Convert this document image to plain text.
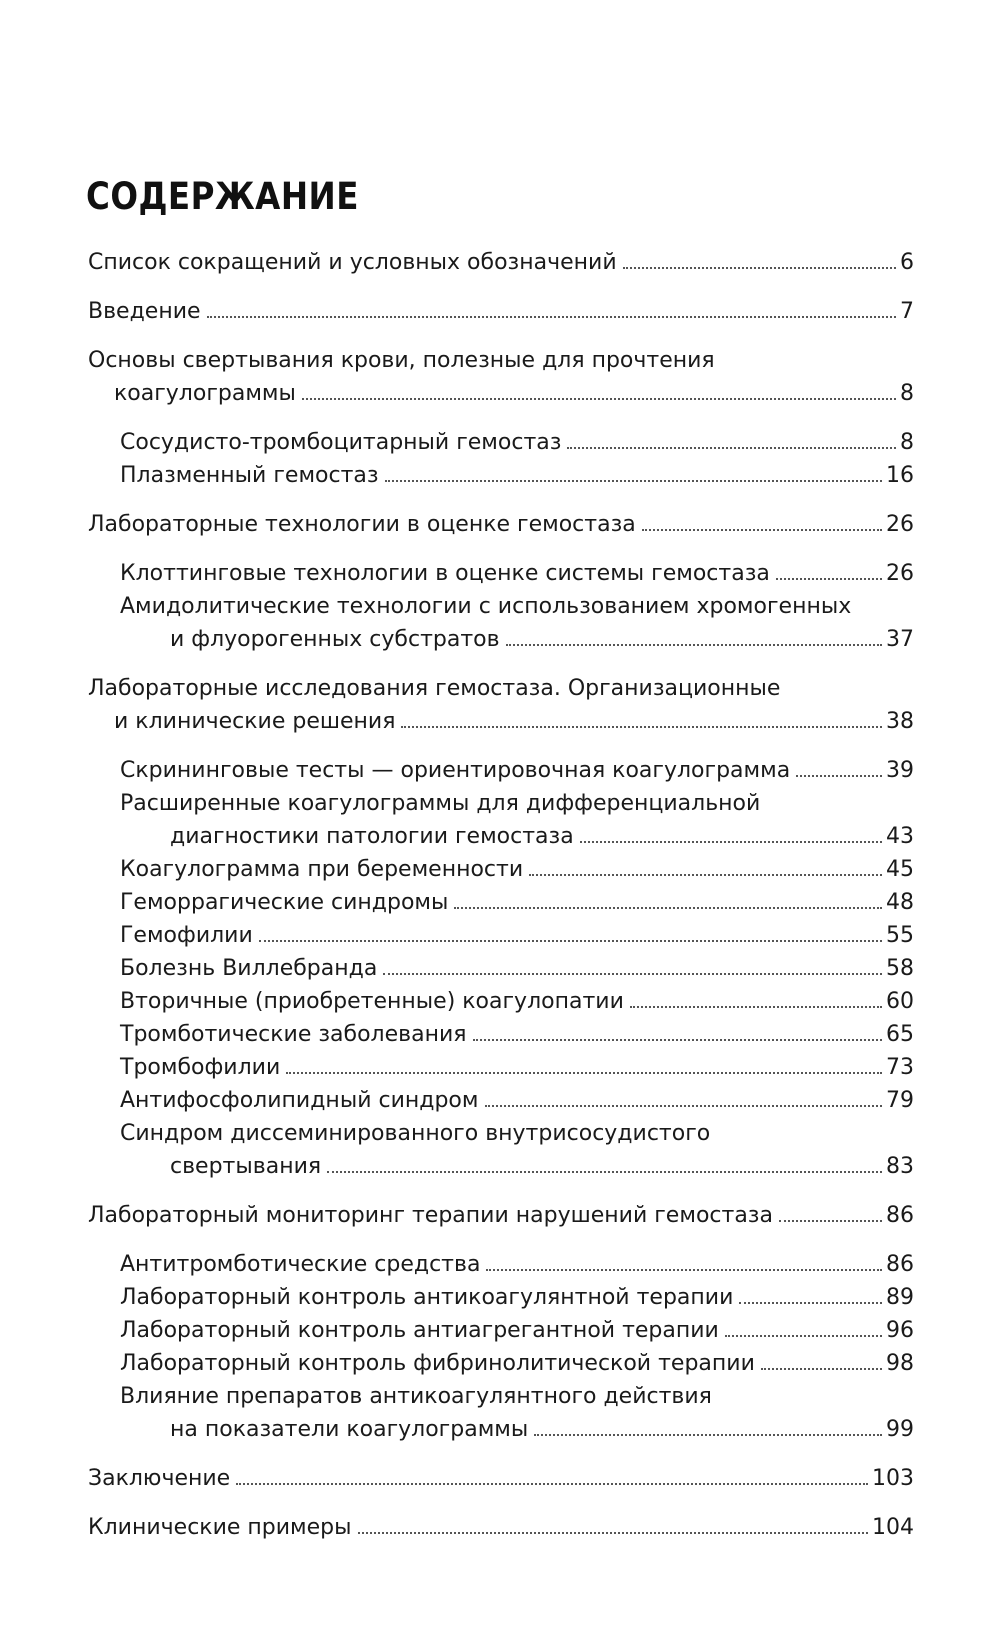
СОДЕРЖАНИЕ
Список сокращений и условных обозначений	6
Введение	7
Основы свертывания крови, полезные для прочтения
коагулограммы	8
Сосудисто-тромбоцитарный гемостаз	8
Плазменный гемостаз	16
Лабораторные технологии в оценке гемостаза	26
Клоттинговые технологии в оценке системы гемостаза	26
Амидолитические технологии с использованием хромогенных
и флуорогенных субстратов	37
Лабораторные исследования гемостаза. Организационные
и клинические решения	38
Скрининговые тесты — ориентировочная коагулограмма	39
Расширенные коагулограммы для дифференциальной
диагностики патологии гемостаза	43
Коагулограмма при беременности	45
Геморрагические синдромы	48
Гемофилии	55
Болезнь Виллебранда	58
Вторичные (приобретенные) коагулопатии	60
Тромботические заболевания	65
Тромбофилии	73
Антифосфолипидный синдром	79
Синдром диссеминированного внутрисосудистого
свертывания	83
Лабораторный мониторинг терапии нарушений гемостаза	86
Антитромботические средства	86
Лабораторный контроль антикоагулянтной терапии	89
Лабораторный контроль антиагрегантной терапии	96
Лабораторный контроль фибринолитической терапии	98
Влияние препаратов антикоагулянтного действия
на показатели коагулограммы	99
Заключение	103
Клинические примеры	104
